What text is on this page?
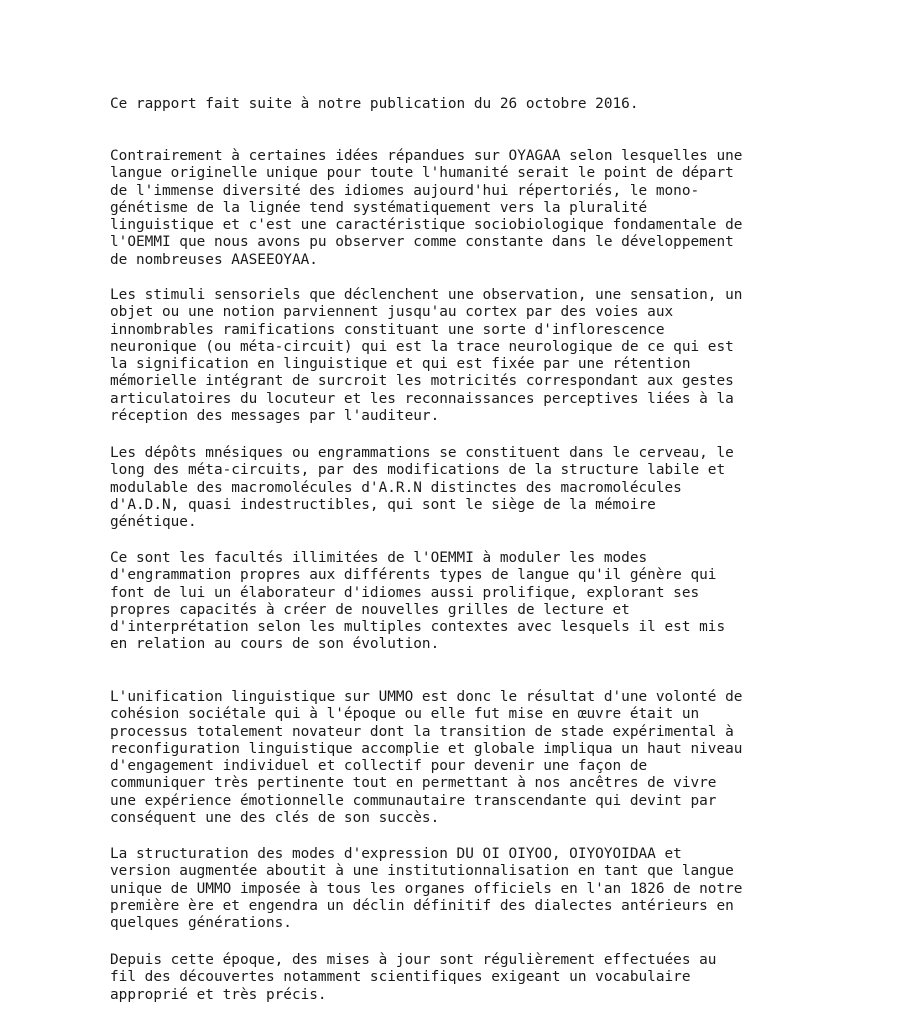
Ce rapport fait suite à notre publication du 26 octobre 2016.

Contrairement à certaines idées répandues sur OYAGAA selon lesquelles une
langue originelle unique pour toute l'humanité serait le point de départ
de l'immense diversité des idiomes aujourd'hui répertoriés, le mono-
génétisme de la lignée tend systématiquement vers la pluralité
linguistique et c'est une caractéristique sociobiologique fondamentale de
l'OEMMI que nous avons pu observer comme constante dans le développement
de nombreuses AASEEOYAA.

Les stimuli sensoriels que déclenchent une observation, une sensation, un
objet ou une notion parviennent jusqu'au cortex par des voies aux
innombrables ramifications constituant une sorte d'inflorescence
neuronique (ou méta-circuit) qui est la trace neurologique de ce qui est
la signification en linguistique et qui est fixée par une rétention
mémorielle intégrant de surcroit les motricités correspondant aux gestes
articulatoires du locuteur et les reconnaissances perceptives liées à la
réception des messages par l'auditeur.

Les dépôts mnésiques ou engrammations se constituent dans le cerveau, le
long des méta-circuits, par des modifications de la structure labile et
modulable des macromolécules d'A.R.N distinctes des macromolécules
d'A.D.N, quasi indestructibles, qui sont le siège de la mémoire
génétique.

Ce sont les facultés illimitées de l'OEMMI à moduler les modes
d'engrammation propres aux différents types de langue qu'il génère qui
font de lui un élaborateur d'idiomes aussi prolifique, explorant ses
propres capacités à créer de nouvelles grilles de lecture et
d'interprétation selon les multiples contextes avec lesquels il est mis
en relation au cours de son évolution.

L'unification linguistique sur UMMO est donc le résultat d'une volonté de
cohésion sociétale qui à l'époque ou elle fut mise en œuvre était un
processus totalement novateur dont la transition de stade expérimental à
reconfiguration linguistique accomplie et globale impliqua un haut niveau
d'engagement individuel et collectif pour devenir une façon de
communiquer très pertinente tout en permettant à nos ancêtres de vivre
une expérience émotionnelle communautaire transcendante qui devint par
conséquent une des clés de son succès.

La structuration des modes d'expression DU OI OIYOO, OIYOYOIDAA et
version augmentée aboutit à une institutionnalisation en tant que langue
unique de UMMO imposée à tous les organes officiels en l'an 1826 de notre
première ère et engendra un déclin définitif des dialectes antérieurs en
quelques générations.

Depuis cette époque, des mises à jour sont régulièrement effectuées au
fil des découvertes notamment scientifiques exigeant un vocabulaire
approprié et très précis.
